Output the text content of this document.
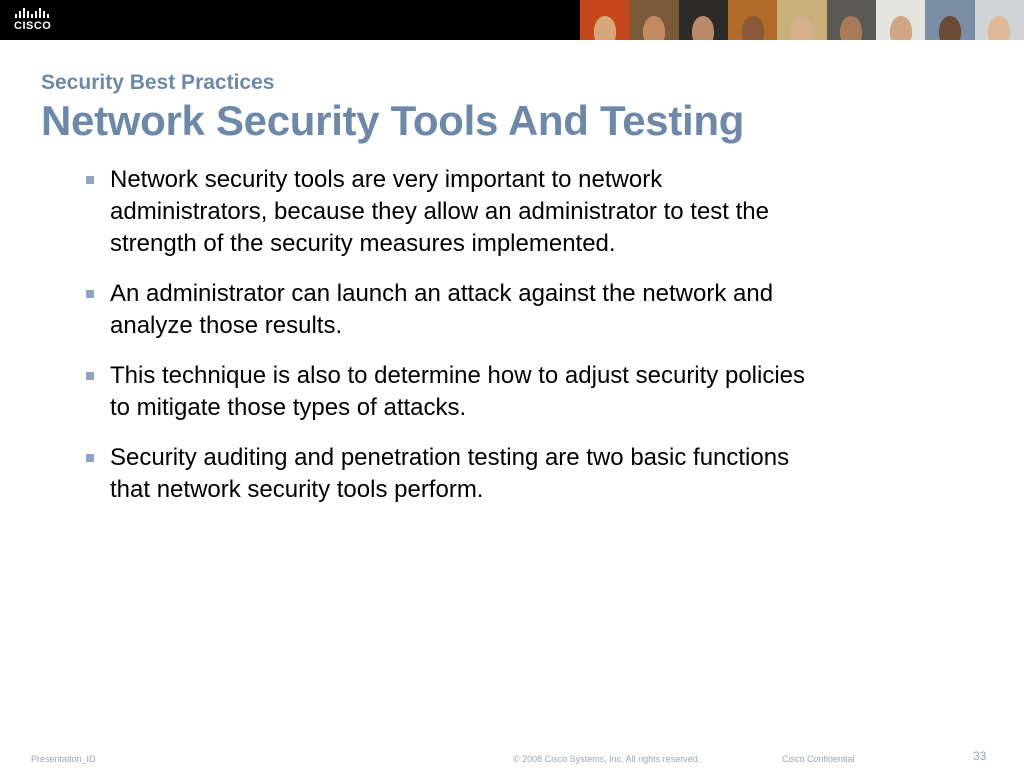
CISCO
Security Best Practices
Network Security Tools And Testing
Network security tools are very important to network
administrators, because they allow an administrator to test the
strength of the security measures implemented.
An administrator can launch an attack against the network and
analyze those results.
This technique is also to determine how to adjust security policies
to mitigate those types of attacks.
Security auditing and penetration testing are two basic functions
that network security tools perform.
Presentation_ID	© 2008 Cisco Systems, Inc. All rights reserved.	Cisco Confidential	33
